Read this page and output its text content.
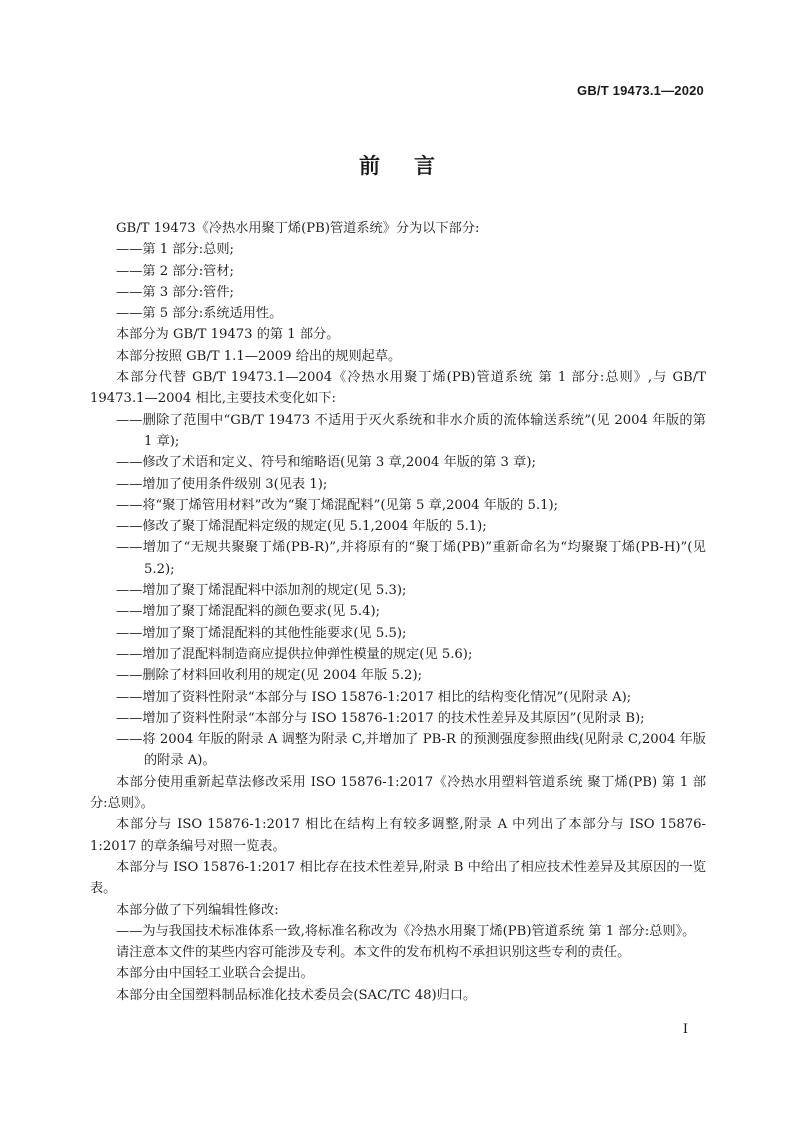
GB/T 19473.1—2020
前言

GB/T 19473《冷热水用聚丁烯(PB)管道系统》分为以下部分:

——第 1 部分:总则;

——第 2 部分:管材;

——第 3 部分:管件;

——第 5 部分:系统适用性。

本部分为 GB/T 19473 的第 1 部分。

本部分按照 GB/T 1.1—2009 给出的规则起草。

本部分代替 GB/T 19473.1—2004《冷热水用聚丁烯(PB)管道系统 第 1 部分:总则》,与 GB/T 19473.1—2004 相比,主要技术变化如下:

——删除了范围中“GB/T 19473 不适用于灭火系统和非水介质的流体输送系统”(见 2004 年版的第 1 章);

——修改了术语和定义、符号和缩略语(见第 3 章,2004 年版的第 3 章);

——增加了使用条件级别 3(见表 1);

——将“聚丁烯管用材料”改为“聚丁烯混配料”(见第 5 章,2004 年版的 5.1);

——修改了聚丁烯混配料定级的规定(见 5.1,2004 年版的 5.1);

——增加了“无规共聚聚丁烯(PB-R)”,并将原有的“聚丁烯(PB)”重新命名为“均聚聚丁烯(PB-H)”(见 5.2);

——增加了聚丁烯混配料中添加剂的规定(见 5.3);

——增加了聚丁烯混配料的颜色要求(见 5.4);

——增加了聚丁烯混配料的其他性能要求(见 5.5);

——增加了混配料制造商应提供拉伸弹性模量的规定(见 5.6);

——删除了材料回收利用的规定(见 2004 年版 5.2);

——增加了资料性附录“本部分与 ISO 15876-1:2017 相比的结构变化情况”(见附录 A);

——增加了资料性附录“本部分与 ISO 15876-1:2017 的技术性差异及其原因”(见附录 B);

——将 2004 年版的附录 A 调整为附录 C,并增加了 PB-R 的预测强度参照曲线(见附录 C,2004 年版的附录 A)。

本部分使用重新起草法修改采用 ISO 15876-1:2017《冷热水用塑料管道系统 聚丁烯(PB) 第 1 部分:总则》。

本部分与 ISO 15876-1:2017 相比在结构上有较多调整,附录 A 中列出了本部分与 ISO 15876-1:2017 的章条编号对照一览表。

本部分与 ISO 15876-1:2017 相比存在技术性差异,附录 B 中给出了相应技术性差异及其原因的一览表。

本部分做了下列编辑性修改:

——为与我国技术标准体系一致,将标准名称改为《冷热水用聚丁烯(PB)管道系统 第 1 部分:总则》。

请注意本文件的某些内容可能涉及专利。本文件的发布机构不承担识别这些专利的责任。

本部分由中国轻工业联合会提出。

本部分由全国塑料制品标准化技术委员会(SAC/TC 48)归口。

I
